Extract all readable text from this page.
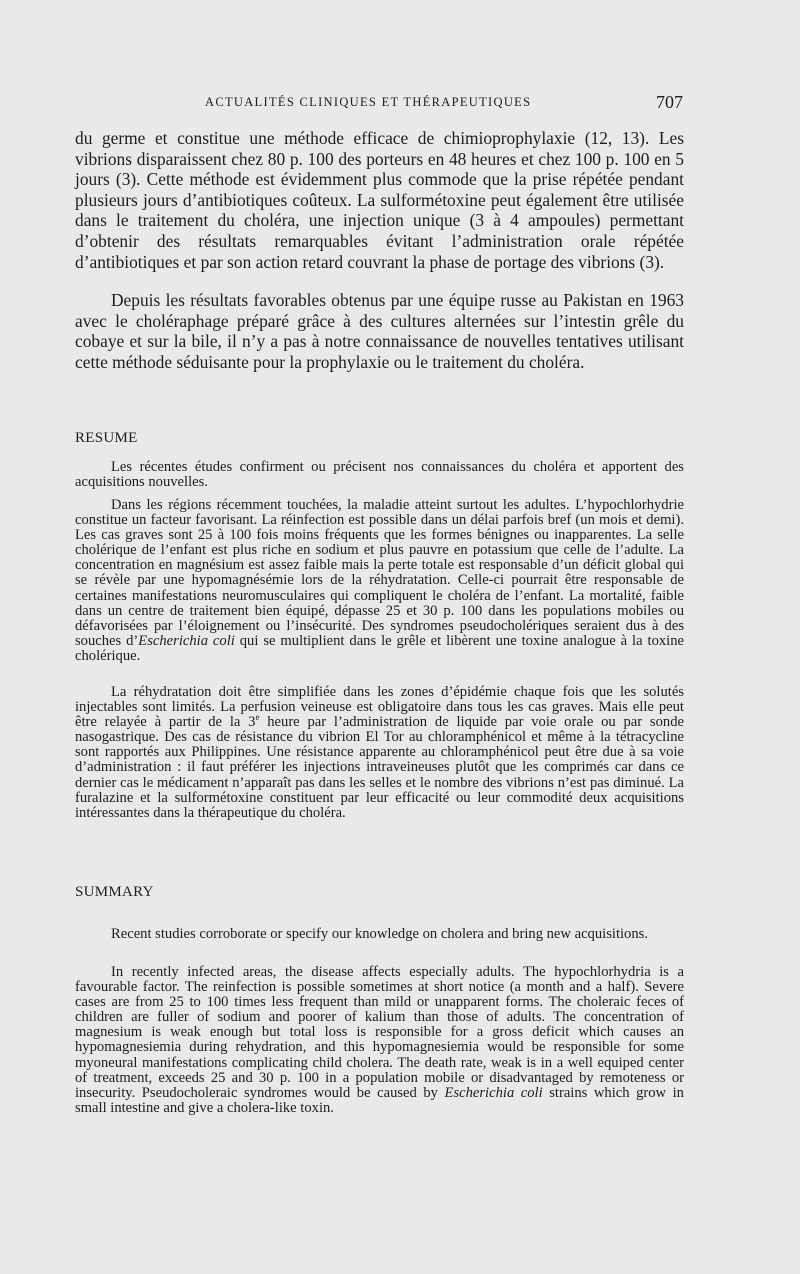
ACTUALITÉS CLINIQUES ET THÉRAPEUTIQUES	707

du germe et constitue une méthode efficace de chimioprophylaxie (12, 13). Les vibrions disparaissent chez 80 p. 100 des porteurs en 48 heures et chez 100 p. 100 en 5 jours (3). Cette méthode est évidemment plus commode que la prise répétée pendant plusieurs jours d’antibiotiques coûteux. La sulformétoxine peut également être utilisée dans le traitement du choléra, une injection unique (3 à 4 ampoules) permettant d’obtenir des résultats remarquables évitant l’administration orale répétée d’antibiotiques et par son action retard couvrant la phase de portage des vibrions (3).

Depuis les résultats favorables obtenus par une équipe russe au Pakistan en 1963 avec le choléraphage préparé grâce à des cultures alternées sur l’intestin grêle du cobaye et sur la bile, il n’y a pas à notre connaissance de nouvelles tentatives utilisant cette méthode séduisante pour la prophylaxie ou le traitement du choléra.

RESUME

Les récentes études confirment ou précisent nos connaissances du choléra et apportent des acquisitions nouvelles.

Dans les régions récemment touchées, la maladie atteint surtout les adultes. L’hypochlorhydrie constitue un facteur favorisant. La réinfection est possible dans un délai parfois bref (un mois et demi). Les cas graves sont 25 à 100 fois moins fréquents que les formes bénignes ou inapparentes. La selle cholérique de l’enfant est plus riche en sodium et plus pauvre en potassium que celle de l’adulte. La concentration en magnésium est assez faible mais la perte totale est responsable d’un déficit global qui se révèle par une hypomagnésémie lors de la réhydratation. Celle-ci pourrait être responsable de certaines manifestations neuromusculaires qui compliquent le choléra de l’enfant. La mortalité, faible dans un centre de traitement bien équipé, dépasse 25 et 30 p. 100 dans les populations mobiles ou défavorisées par l’éloignement ou l’insécurité. Des syndromes pseudocholériques seraient dus à des souches d’Escherichia coli qui se multiplient dans le grêle et libèrent une toxine analogue à la toxine cholérique.

La réhydratation doit être simplifiée dans les zones d’épidémie chaque fois que les solutés injectables sont limités. La perfusion veineuse est obligatoire dans tous les cas graves. Mais elle peut être relayée à partir de la 3e heure par l’administration de liquide par voie orale ou par sonde nasogastrique. Des cas de résistance du vibrion El Tor au chloramphénicol et même à la tétracycline sont rapportés aux Philippines. Une résistance apparente au chloramphénicol peut être due à sa voie d’administration : il faut préférer les injections intraveineuses plutôt que les comprimés car dans ce dernier cas le médicament n’apparaît pas dans les selles et le nombre des vibrions n’est pas diminué. La furalazine et la sulformétoxine constituent par leur efficacité ou leur commodité deux acquisitions intéressantes dans la thérapeutique du choléra.

SUMMARY

Recent studies corroborate or specify our knowledge on cholera and bring new acquisitions.

In recently infected areas, the disease affects especially adults. The hypochlorhydria is a favourable factor. The reinfection is possible sometimes at short notice (a month and a half). Severe cases are from 25 to 100 times less frequent than mild or unapparent forms. The choleraic feces of children are fuller of sodium and poorer of kalium than those of adults. The concentration of magnesium is weak enough but total loss is responsible for a gross deficit which causes an hypomagnesiemia during rehydration, and this hypomagnesiemia would be responsible for some myoneural manifestations complicating child cholera. The death rate, weak is in a well equiped center of treatment, exceeds 25 and 30 p. 100 in a population mobile or disadvantaged by remoteness or insecurity. Pseudocholeraic syndromes would be caused by Escherichia coli strains which grow in small intestine and give a cholera-like toxin.
